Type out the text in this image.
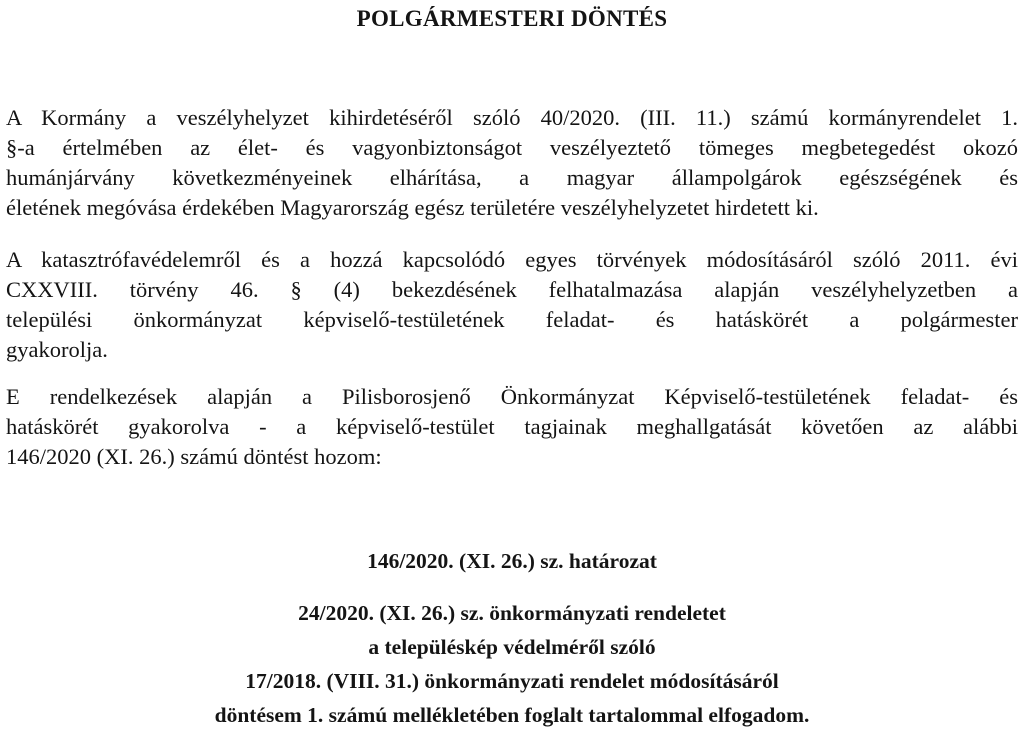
POLGÁRMESTERI DÖNTÉS
A Kormány a veszélyhelyzet kihirdetéséről szóló 40/2020. (III. 11.) számú kormányrendelet 1.
§-a értelmében az élet- és vagyonbiztonságot veszélyeztető tömeges megbetegedést okozó
humánjárvány következményeinek elhárítása, a magyar állampolgárok egészségének és
életének megóvása érdekében Magyarország egész területére veszélyhelyzetet hirdetett ki.
A katasztrófavédelemről és a hozzá kapcsolódó egyes törvények módosításáról szóló 2011. évi
CXXVIII. törvény 46. § (4) bekezdésének felhatalmazása alapján veszélyhelyzetben a
települési önkormányzat képviselő-testületének feladat- és hatáskörét a polgármester
gyakorolja.
E rendelkezések alapján a Pilisborosjenő Önkormányzat Képviselő-testületének feladat- és
hatáskörét gyakorolva - a képviselő-testület tagjainak meghallgatását követően az alábbi
146/2020 (XI. 26.) számú döntést hozom:
146/2020. (XI. 26.) sz. határozat
24/2020. (XI. 26.) sz. önkormányzati rendeletet
a településkép védelméről szóló
17/2018. (VIII. 31.) önkormányzati rendelet módosításáról
döntésem 1. számú mellékletében foglalt tartalommal elfogadom.
